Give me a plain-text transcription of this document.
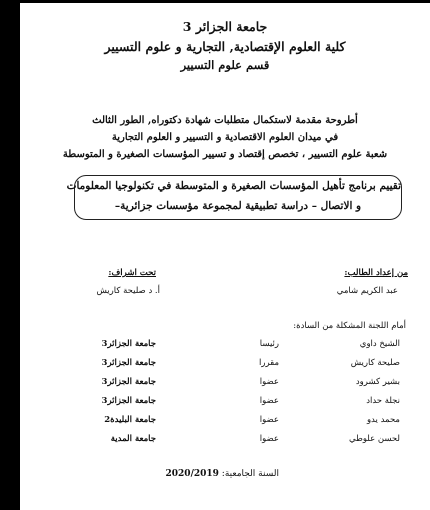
جامعة الجزائر 3
كلية العلوم الإقتصادية, التجارية و علوم التسيير
قسم علوم التسيير
أطروحة مقدمة لاستكمال متطلبات شهادة دكتوراه, الطور الثالث
في ميدان العلوم الاقتصادية و التسيير و العلوم التجارية
شعبة علوم التسيير ، تخصص إقتصاد و تسيير المؤسسات الصغيرة و المتوسطة
تقييم برنامج تأهيل المؤسسات الصغيرة و المتوسطة في تكنولوجيا المعلومات
و الاتصال – دراسة تطبيقية لمجموعة مؤسسات جزائرية–
من إعداد الطالب:
عبد الكريم شامي
تحت اشراف:
أ. د صليحة كاريش
أمام اللجنة المشكلة من السادة:
الشيخ داوي
رئيسا
جامعة الجزائر3
صليحة كاريش
مقررا
جامعة الجزائر3
بشير كشرود
عضوا
جامعة الجزائر3
نجلة حداد
عضوا
جامعة الجزائر3
محمد يدو
عضوا
جامعة البليدة2
لحسن علوطي
عضوا
جامعة المدية
السنة الجامعية: 2020/2019
